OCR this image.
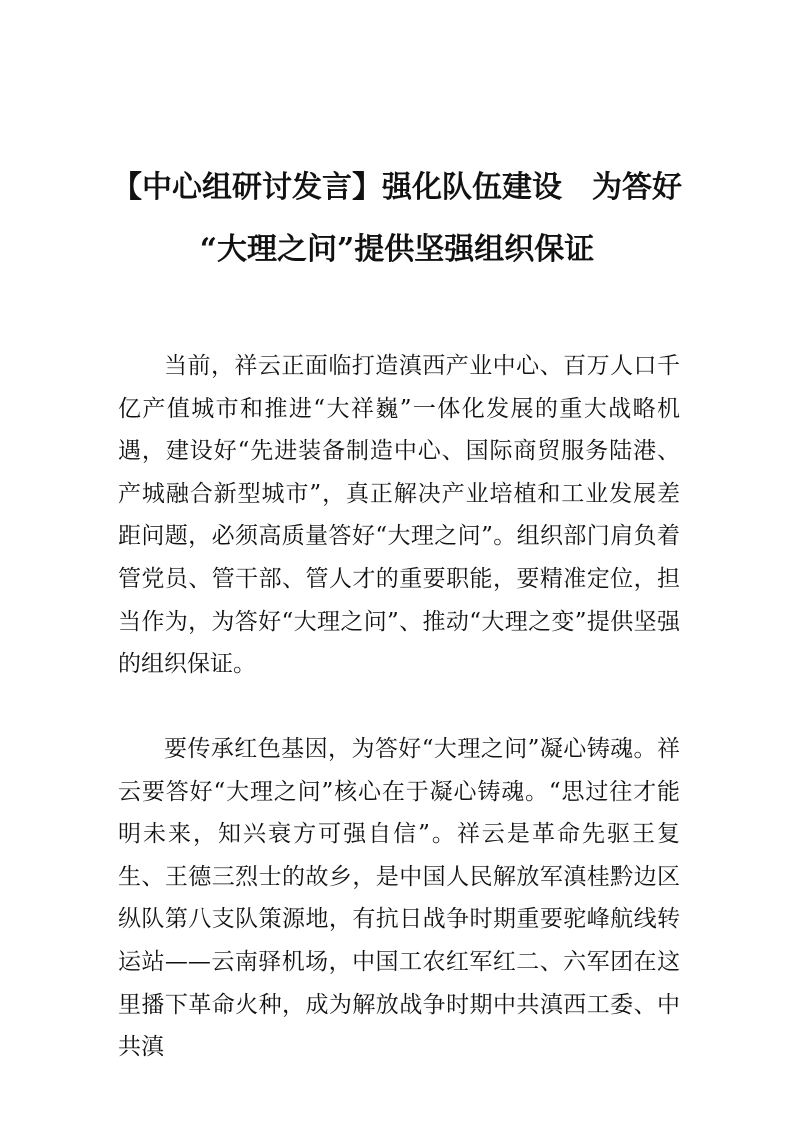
【中心组研讨发言】强化队伍建设　为答好
“大理之问”提供坚强组织保证

当前，祥云正面临打造滇西产业中心、百万人口千亿产值城市和推进“大祥巍”一体化发展的重大战略机遇，建设好“先进装备制造中心、国际商贸服务陆港、产城融合新型城市”，真正解决产业培植和工业发展差距问题，必须高质量答好“大理之问”。组织部门肩负着管党员、管干部、管人才的重要职能，要精准定位，担当作为，为答好“大理之问”、推动“大理之变”提供坚强的组织保证。

要传承红色基因，为答好“大理之问”凝心铸魂。祥云要答好“大理之问”核心在于凝心铸魂。“思过往才能明未来，知兴衰方可强自信”。祥云是革命先驱王复生、王德三烈士的故乡，是中国人民解放军滇桂黔边区纵队第八支队策源地，有抗日战争时期重要驼峰航线转运站——云南驿机场，中国工农红军红二、六军团在这里播下革命火种，成为解放战争时期中共滇西工委、中共滇
